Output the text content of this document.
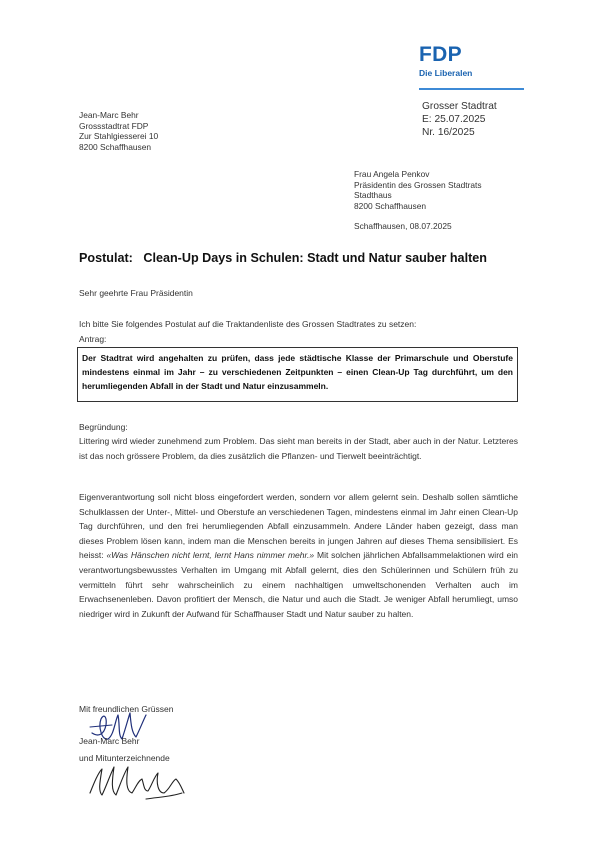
FDP
Die Liberalen
Jean-Marc Behr
Grossstadtrat FDP
Zur Stahlgiesserei 10
8200 Schaffhausen
Grosser Stadtrat
E: 25.07.2025
Nr. 16/2025
Frau Angela Penkov
Präsidentin des Grossen Stadtrats
Stadthaus
8200 Schaffhausen
Schaffhausen, 08.07.2025
Postulat: Clean-Up Days in Schulen: Stadt und Natur sauber halten
Sehr geehrte Frau Präsidentin
Ich bitte Sie folgendes Postulat auf die Traktandenliste des Grossen Stadtrates zu setzen:
Antrag:
Der Stadtrat wird angehalten zu prüfen, dass jede städtische Klasse der Primarschule und Oberstufe mindestens einmal im Jahr – zu verschiedenen Zeitpunkten – einen Clean-Up Tag durchführt, um den herumliegenden Abfall in der Stadt und Natur einzusammeln.
Begründung:
Littering wird wieder zunehmend zum Problem. Das sieht man bereits in der Stadt, aber auch in der Natur. Letzteres ist das noch grössere Problem, da dies zusätzlich die Pflanzen- und Tierwelt beeinträchtigt.
Eigenverantwortung soll nicht bloss eingefordert werden, sondern vor allem gelernt sein. Deshalb sollen sämtliche Schulklassen der Unter-, Mittel- und Oberstufe an verschiedenen Tagen, mindestens einmal im Jahr einen Clean-Up Tag durchführen, und den frei herumliegenden Abfall einzusammeln. Andere Länder haben gezeigt, dass man dieses Problem lösen kann, indem man die Menschen bereits in jungen Jahren auf dieses Thema sensibilisiert. Es heisst: «Was Hänschen nicht lernt, lernt Hans nimmer mehr.» Mit solchen jährlichen Abfallsammelaktionen wird ein verantwortungsbewusstes Verhalten im Umgang mit Abfall gelernt, dies den Schülerinnen und Schülern früh zu vermitteln führt sehr wahrscheinlich zu einem nachhaltigen umweltschonenden Verhalten auch im Erwachsenenleben. Davon profitiert der Mensch, die Natur und auch die Stadt. Je weniger Abfall herumliegt, umso niedriger wird in Zukunft der Aufwand für Schaffhauser Stadt und Natur sauber zu halten.
Mit freundlichen Grüssen
Jean-Marc Behr
und Mitunterzeichnende
